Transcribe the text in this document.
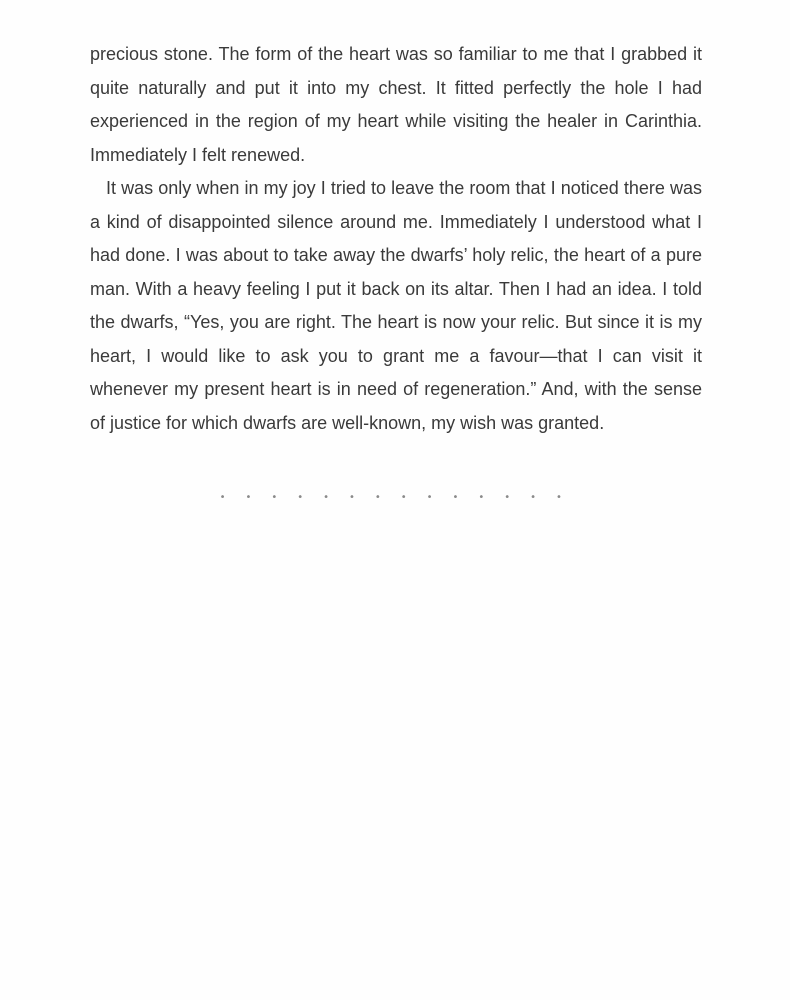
precious stone. The form of the heart was so familiar to me that I grabbed it quite naturally and put it into my chest. It fitted perfectly the hole I had experienced in the region of my heart while visiting the healer in Carinthia. Immediately I felt renewed.

It was only when in my joy I tried to leave the room that I noticed there was a kind of disappointed silence around me. Immediately I understood what I had done. I was about to take away the dwarfs’ holy relic, the heart of a pure man. With a heavy feeling I put it back on its altar. Then I had an idea. I told the dwarfs, “Yes, you are right. The heart is now your relic. But since it is my heart, I would like to ask you to grant me a favour—that I can visit it whenever my present heart is in need of regeneration.” And, with the sense of justice for which dwarfs are well-known, my wish was granted.

• • • • • • • • • • • • • •
